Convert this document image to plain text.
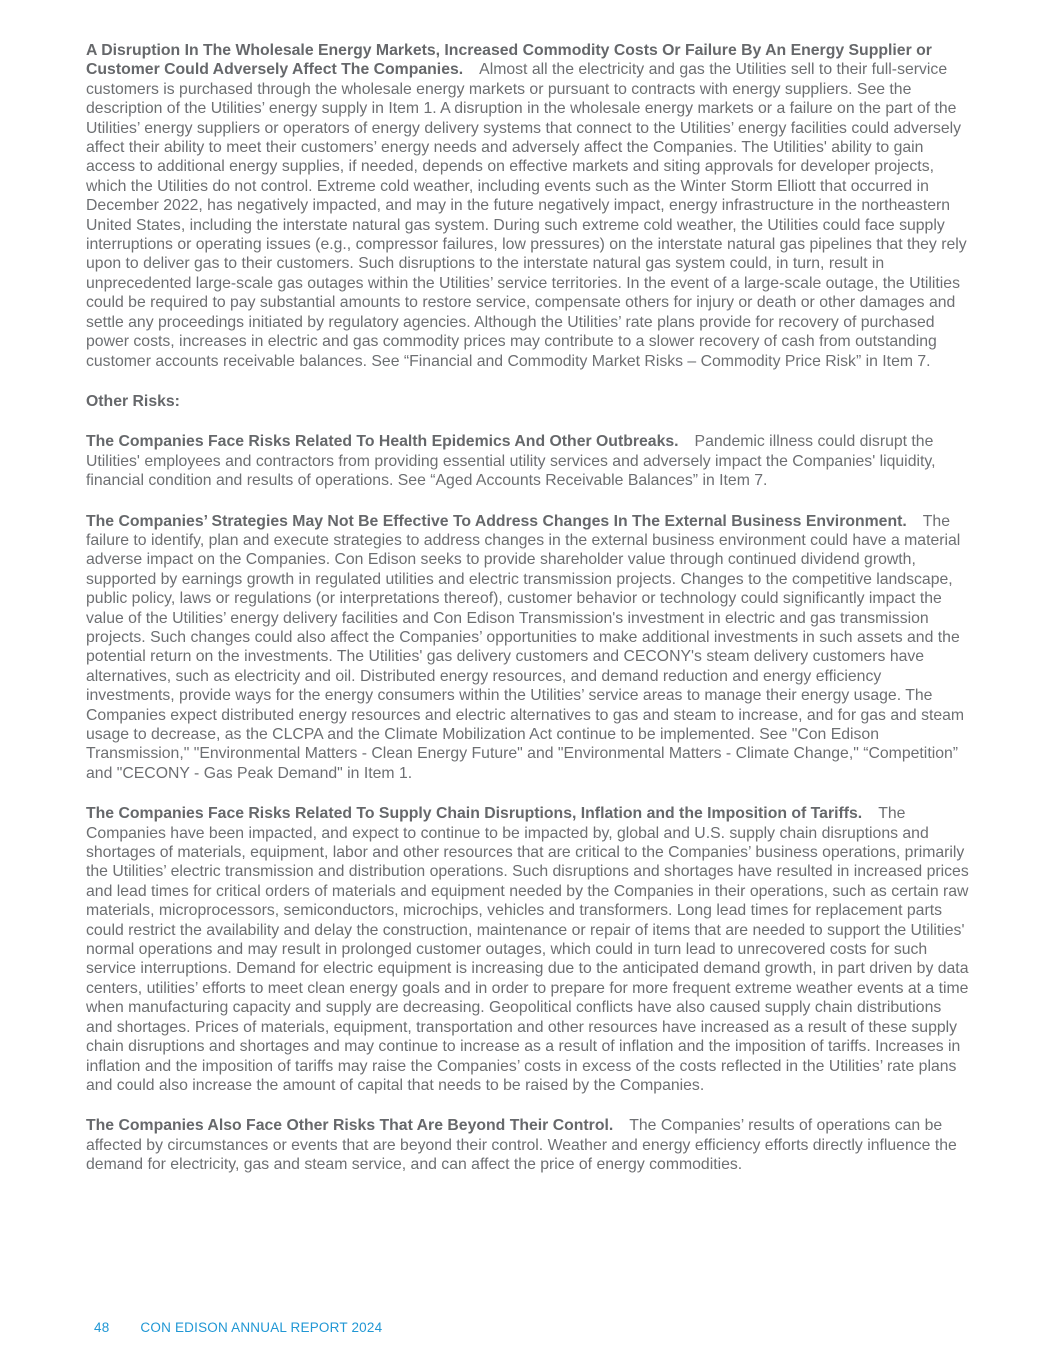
A Disruption In The Wholesale Energy Markets, Increased Commodity Costs Or Failure By An Energy Supplier or Customer Could Adversely Affect The Companies. Almost all the electricity and gas the Utilities sell to their full-service customers is purchased through the wholesale energy markets or pursuant to contracts with energy suppliers. See the description of the Utilities’ energy supply in Item 1. A disruption in the wholesale energy markets or a failure on the part of the Utilities’ energy suppliers or operators of energy delivery systems that connect to the Utilities’ energy facilities could adversely affect their ability to meet their customers’ energy needs and adversely affect the Companies. The Utilities' ability to gain access to additional energy supplies, if needed, depends on effective markets and siting approvals for developer projects, which the Utilities do not control. Extreme cold weather, including events such as the Winter Storm Elliott that occurred in December 2022, has negatively impacted, and may in the future negatively impact, energy infrastructure in the northeastern United States, including the interstate natural gas system. During such extreme cold weather, the Utilities could face supply interruptions or operating issues (e.g., compressor failures, low pressures) on the interstate natural gas pipelines that they rely upon to deliver gas to their customers. Such disruptions to the interstate natural gas system could, in turn, result in unprecedented large-scale gas outages within the Utilities’ service territories. In the event of a large-scale outage, the Utilities could be required to pay substantial amounts to restore service, compensate others for injury or death or other damages and settle any proceedings initiated by regulatory agencies. Although the Utilities’ rate plans provide for recovery of purchased power costs, increases in electric and gas commodity prices may contribute to a slower recovery of cash from outstanding customer accounts receivable balances. See “Financial and Commodity Market Risks – Commodity Price Risk” in Item 7.

Other Risks:

The Companies Face Risks Related To Health Epidemics And Other Outbreaks. Pandemic illness could disrupt the Utilities' employees and contractors from providing essential utility services and adversely impact the Companies' liquidity, financial condition and results of operations. See “Aged Accounts Receivable Balances” in Item 7.

The Companies’ Strategies May Not Be Effective To Address Changes In The External Business Environment. The failure to identify, plan and execute strategies to address changes in the external business environment could have a material adverse impact on the Companies. Con Edison seeks to provide shareholder value through continued dividend growth, supported by earnings growth in regulated utilities and electric transmission projects. Changes to the competitive landscape, public policy, laws or regulations (or interpretations thereof), customer behavior or technology could significantly impact the value of the Utilities’ energy delivery facilities and Con Edison Transmission's investment in electric and gas transmission projects. Such changes could also affect the Companies’ opportunities to make additional investments in such assets and the potential return on the investments. The Utilities' gas delivery customers and CECONY's steam delivery customers have alternatives, such as electricity and oil. Distributed energy resources, and demand reduction and energy efficiency investments, provide ways for the energy consumers within the Utilities’ service areas to manage their energy usage. The Companies expect distributed energy resources and electric alternatives to gas and steam to increase, and for gas and steam usage to decrease, as the CLCPA and the Climate Mobilization Act continue to be implemented. See "Con Edison Transmission," "Environmental Matters - Clean Energy Future" and "Environmental Matters - Climate Change," “Competition” and "CECONY - Gas Peak Demand" in Item 1.

The Companies Face Risks Related To Supply Chain Disruptions, Inflation and the Imposition of Tariffs. The Companies have been impacted, and expect to continue to be impacted by, global and U.S. supply chain disruptions and shortages of materials, equipment, labor and other resources that are critical to the Companies’ business operations, primarily the Utilities’ electric transmission and distribution operations. Such disruptions and shortages have resulted in increased prices and lead times for critical orders of materials and equipment needed by the Companies in their operations, such as certain raw materials, microprocessors, semiconductors, microchips, vehicles and transformers. Long lead times for replacement parts could restrict the availability and delay the construction, maintenance or repair of items that are needed to support the Utilities' normal operations and may result in prolonged customer outages, which could in turn lead to unrecovered costs for such service interruptions. Demand for electric equipment is increasing due to the anticipated demand growth, in part driven by data centers, utilities’ efforts to meet clean energy goals and in order to prepare for more frequent extreme weather events at a time when manufacturing capacity and supply are decreasing. Geopolitical conflicts have also caused supply chain distributions and shortages. Prices of materials, equipment, transportation and other resources have increased as a result of these supply chain disruptions and shortages and may continue to increase as a result of inflation and the imposition of tariffs. Increases in inflation and the imposition of tariffs may raise the Companies’ costs in excess of the costs reflected in the Utilities’ rate plans and could also increase the amount of capital that needs to be raised by the Companies.

The Companies Also Face Other Risks That Are Beyond Their Control. The Companies’ results of operations can be affected by circumstances or events that are beyond their control. Weather and energy efficiency efforts directly influence the demand for electricity, gas and steam service, and can affect the price of energy commodities.

48 CON EDISON ANNUAL REPORT 2024
